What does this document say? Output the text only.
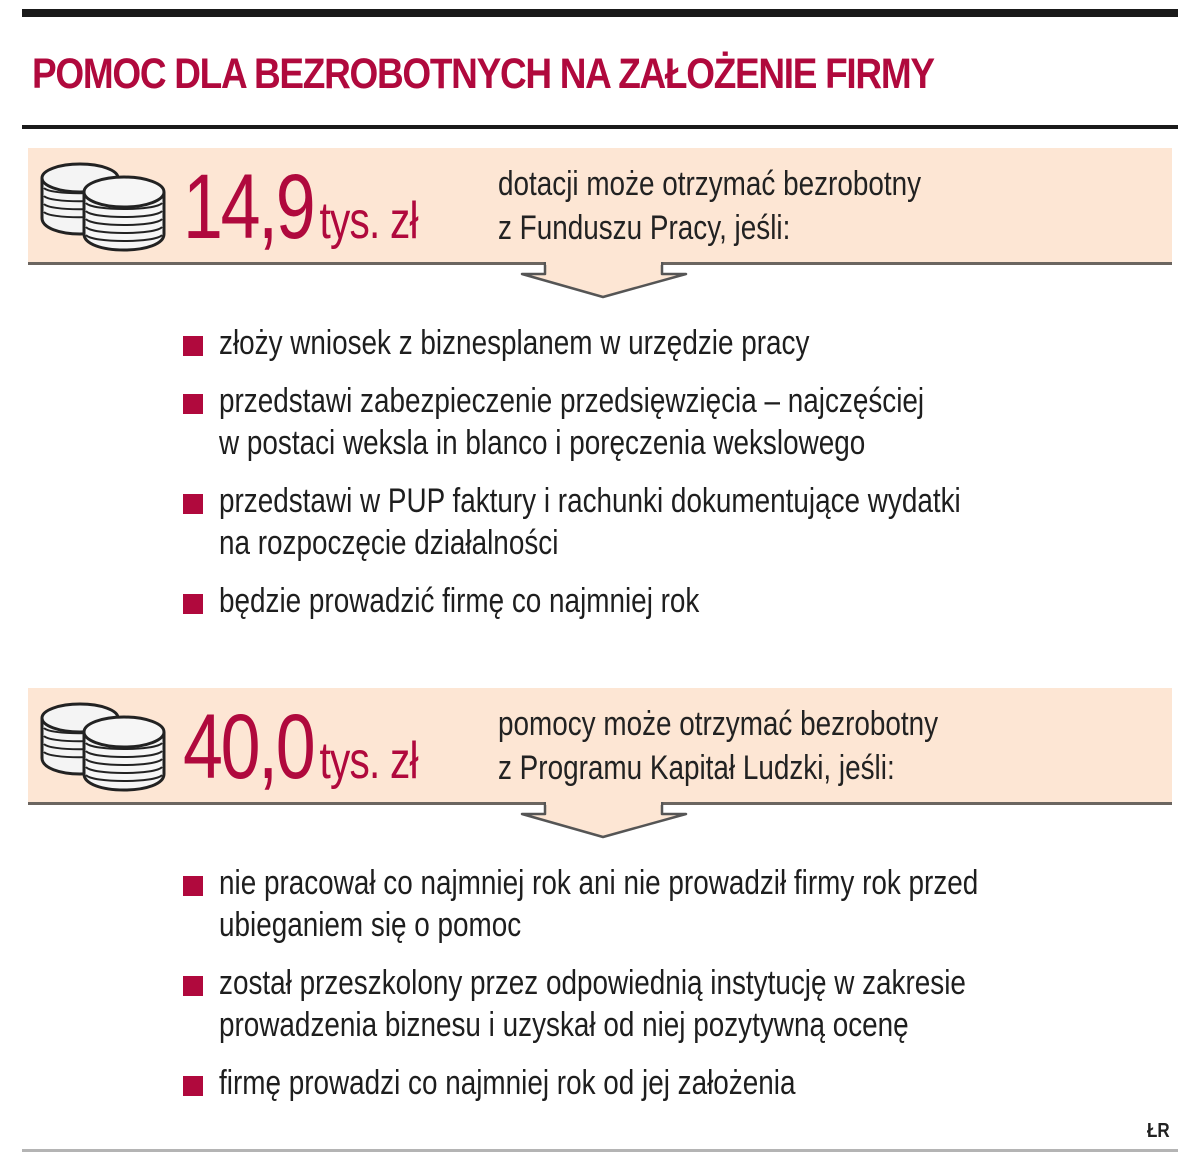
POMOC DLA BEZROBOTNYCH NA ZAŁOŻENIE FIRMY
14,9 tys. zł
dotacji może otrzymać bezrobotny
z Funduszu Pracy, jeśli:
złoży wniosek z biznesplanem w urzędzie pracy
przedstawi zabezpieczenie przedsięwzięcia – najczęściej
w postaci weksla in blanco i poręczenia wekslowego
przedstawi w PUP faktury i rachunki dokumentujące wydatki
na rozpoczęcie działalności
będzie prowadzić firmę co najmniej rok
40,0 tys. zł
pomocy może otrzymać bezrobotny
z Programu Kapitał Ludzki, jeśli:
nie pracował co najmniej rok ani nie prowadził firmy rok przed
ubieganiem się o pomoc
został przeszkolony przez odpowiednią instytucję w zakresie
prowadzenia biznesu i uzyskał od niej pozytywną ocenę
firmę prowadzi co najmniej rok od jej założenia
ŁR
